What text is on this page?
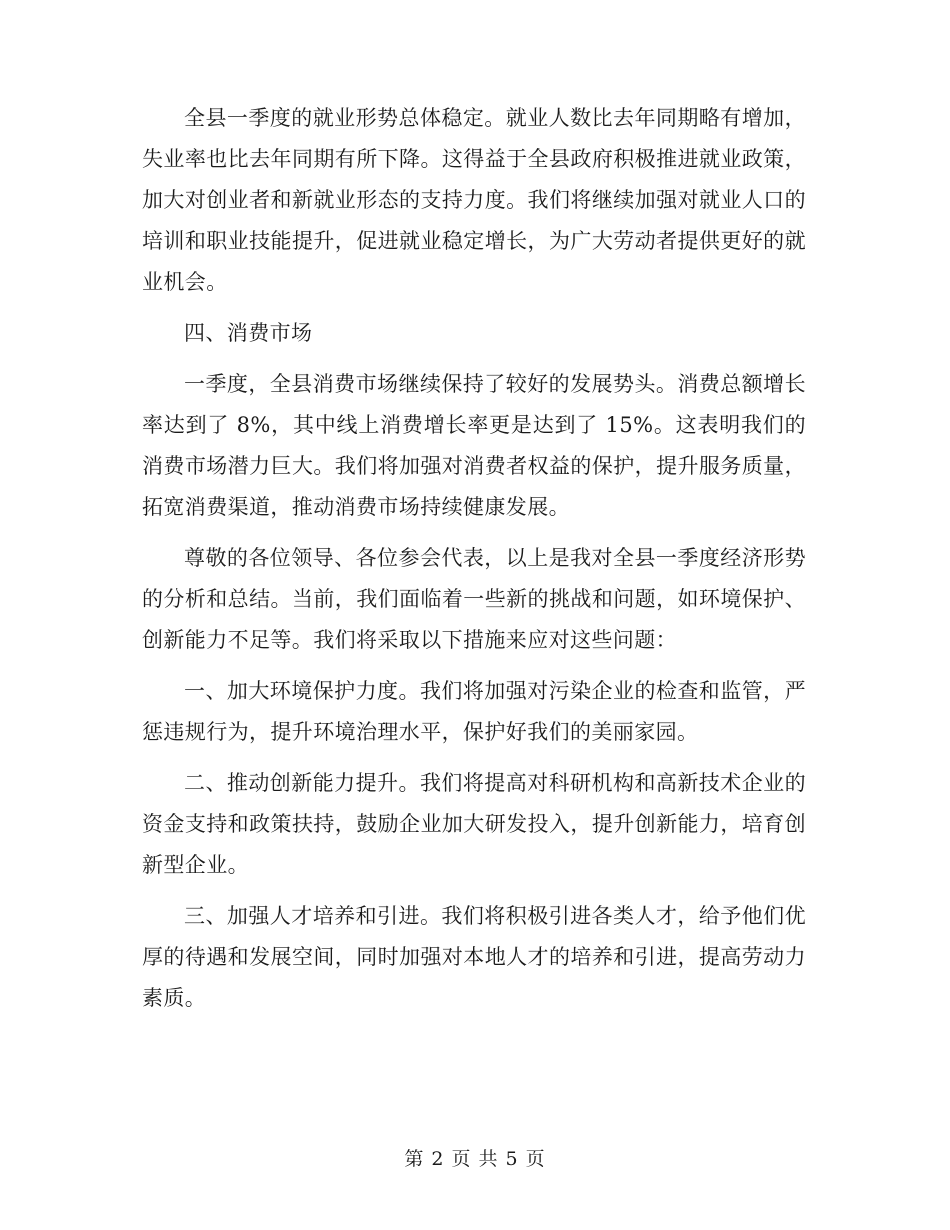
全县一季度的就业形势总体稳定。就业人数比去年同期略有增加，失业率也比去年同期有所下降。这得益于全县政府积极推进就业政策，加大对创业者和新就业形态的支持力度。我们将继续加强对就业人口的培训和职业技能提升，促进就业稳定增长，为广大劳动者提供更好的就业机会。

四、消费市场

一季度，全县消费市场继续保持了较好的发展势头。消费总额增长率达到了 8%，其中线上消费增长率更是达到了 15%。这表明我们的消费市场潜力巨大。我们将加强对消费者权益的保护，提升服务质量，拓宽消费渠道，推动消费市场持续健康发展。

尊敬的各位领导、各位参会代表，以上是我对全县一季度经济形势的分析和总结。当前，我们面临着一些新的挑战和问题，如环境保护、创新能力不足等。我们将采取以下措施来应对这些问题：

一、加大环境保护力度。我们将加强对污染企业的检查和监管，严惩违规行为，提升环境治理水平，保护好我们的美丽家园。

二、推动创新能力提升。我们将提高对科研机构和高新技术企业的资金支持和政策扶持，鼓励企业加大研发投入，提升创新能力，培育创新型企业。

三、加强人才培养和引进。我们将积极引进各类人才，给予他们优厚的待遇和发展空间，同时加强对本地人才的培养和引进，提高劳动力素质。

第 2 页 共 5 页
